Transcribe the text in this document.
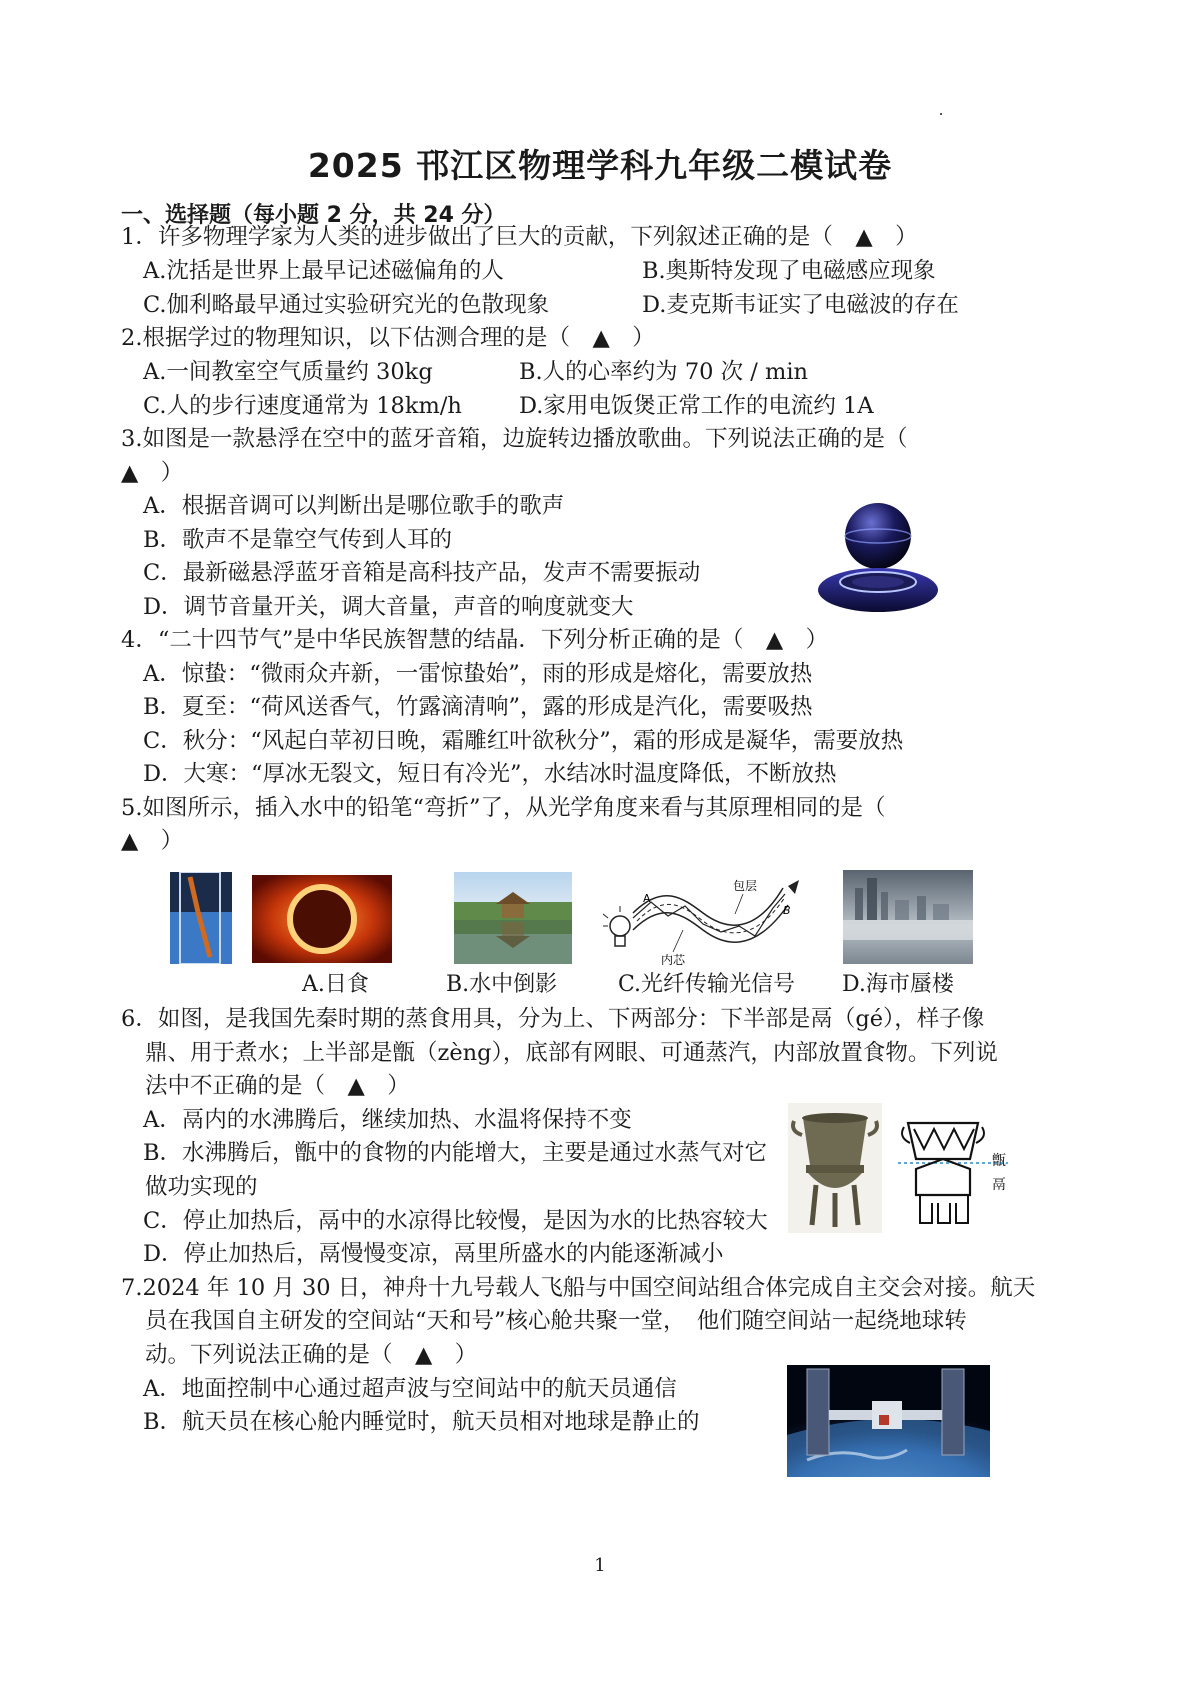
2025 邗江区物理学科九年级二模试卷
一、选择题（每小题 2 分，共 24 分）
1．许多物理学家为人类的进步做出了巨大的贡献，下列叙述正确的是（　▲　）
A.沈括是世界上最早记述磁偏角的人	B.奥斯特发现了电磁感应现象
C.伽利略最早通过实验研究光的色散现象	D.麦克斯韦证实了电磁波的存在
2.根据学过的物理知识，以下估测合理的是（　▲　）
A.一间教室空气质量约 30kg	B.人的心率约为 70 次 / min
C.人的步行速度通常为 18km/h	D.家用电饭煲正常工作的电流约 1A
3.如图是一款悬浮在空中的蓝牙音箱，边旋转边播放歌曲。下列说法正确的是（
▲　）
A．根据音调可以判断出是哪位歌手的歌声
B．歌声不是靠空气传到人耳的
C．最新磁悬浮蓝牙音箱是高科技产品，发声不需要振动
D．调节音量开关，调大音量，声音的响度就变大
4．“二十四节气”是中华民族智慧的结晶．下列分析正确的是（　▲　）
A．惊蛰：“微雨众卉新，一雷惊蛰始”，雨的形成是熔化，需要放热
B．夏至：“荷风送香气，竹露滴清响”，露的形成是汽化，需要吸热
C．秋分：“风起白苹初日晚，霜雕红叶欲秋分”，霜的形成是凝华，需要放热
D．大寒：“厚冰无裂文，短日有冷光”，水结冰时温度降低，不断放热
5.如图所示，插入水中的铅笔“弯折”了，从光学角度来看与其原理相同的是（
▲　）
A
B
包层
内芯
A.日食	B.水中倒影	C.光纤传输光信号 D.海市蜃楼
6．如图，是我国先秦时期的蒸食用具，分为上、下两部分：下半部是鬲（gé），样子像
鼎、用于煮水；上半部是甑（zèng），底部有网眼、可通蒸汽，内部放置食物。下列说
法中不正确的是（　▲　）
A．鬲内的水沸腾后，继续加热、水温将保持不变
B．水沸腾后，甑中的食物的内能增大，主要是通过水蒸气对它
做功实现的
C．停止加热后，鬲中的水凉得比较慢，是因为水的比热容较大
D．停止加热后，鬲慢慢变凉，鬲里所盛水的内能逐渐减小
甑
鬲
7.2024 年 10 月 30 日，神舟十九号载人飞船与中国空间站组合体完成自主交会对接。航天
员在我国自主研发的空间站“天和号”核心舱共聚一堂，　他们随空间站一起绕地球转
动。下列说法正确的是（　▲　）
A．地面控制中心通过超声波与空间站中的航天员通信
B．航天员在核心舱内睡觉时，航天员相对地球是静止的
1
